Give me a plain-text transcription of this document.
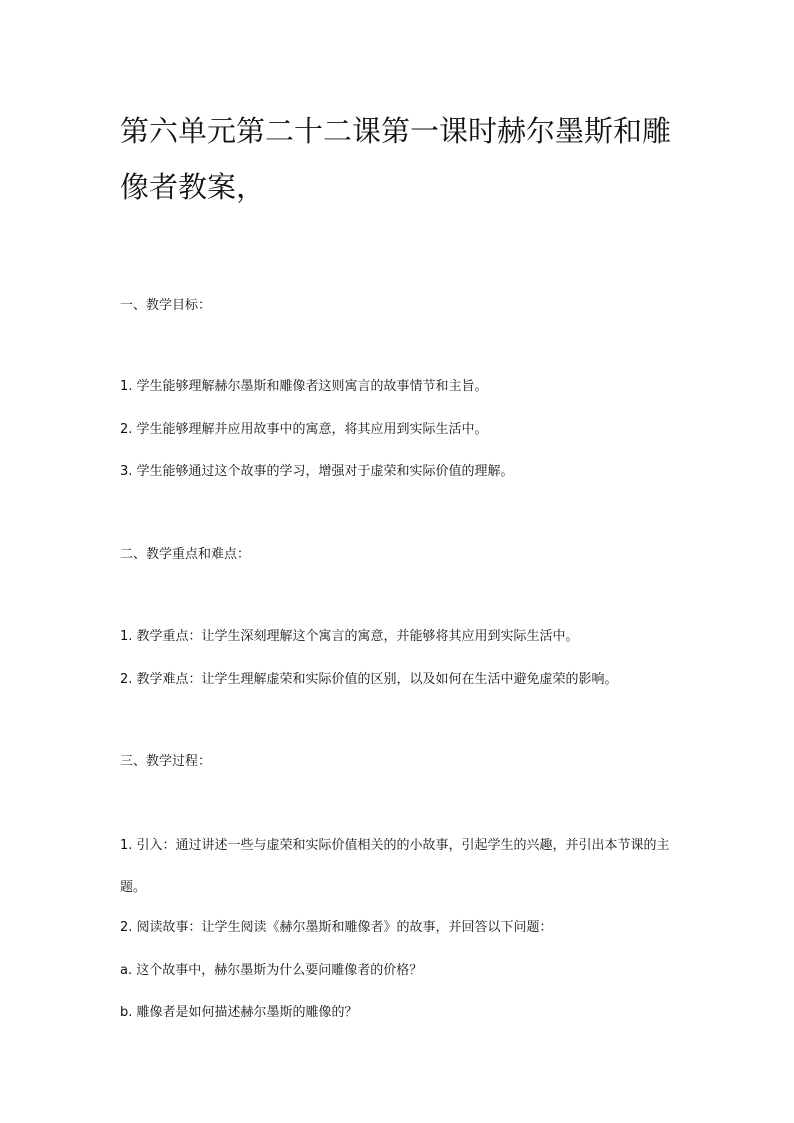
第六单元第二十二课第一课时赫尔墨斯和雕像者教案，
一、教学目标：
1. 学生能够理解赫尔墨斯和雕像者这则寓言的故事情节和主旨。
2. 学生能够理解并应用故事中的寓意，将其应用到实际生活中。
3. 学生能够通过这个故事的学习，增强对于虚荣和实际价值的理解。
二、教学重点和难点：
1. 教学重点：让学生深刻理解这个寓言的寓意，并能够将其应用到实际生活中。
2. 教学难点：让学生理解虚荣和实际价值的区别，以及如何在生活中避免虚荣的影响。
三、教学过程：
1. 引入：通过讲述一些与虚荣和实际价值相关的的小故事，引起学生的兴趣，并引出本节课的主题。
2. 阅读故事：让学生阅读《赫尔墨斯和雕像者》的故事，并回答以下问题：
a. 这个故事中，赫尔墨斯为什么要问雕像者的价格？
b. 雕像者是如何描述赫尔墨斯的雕像的？
